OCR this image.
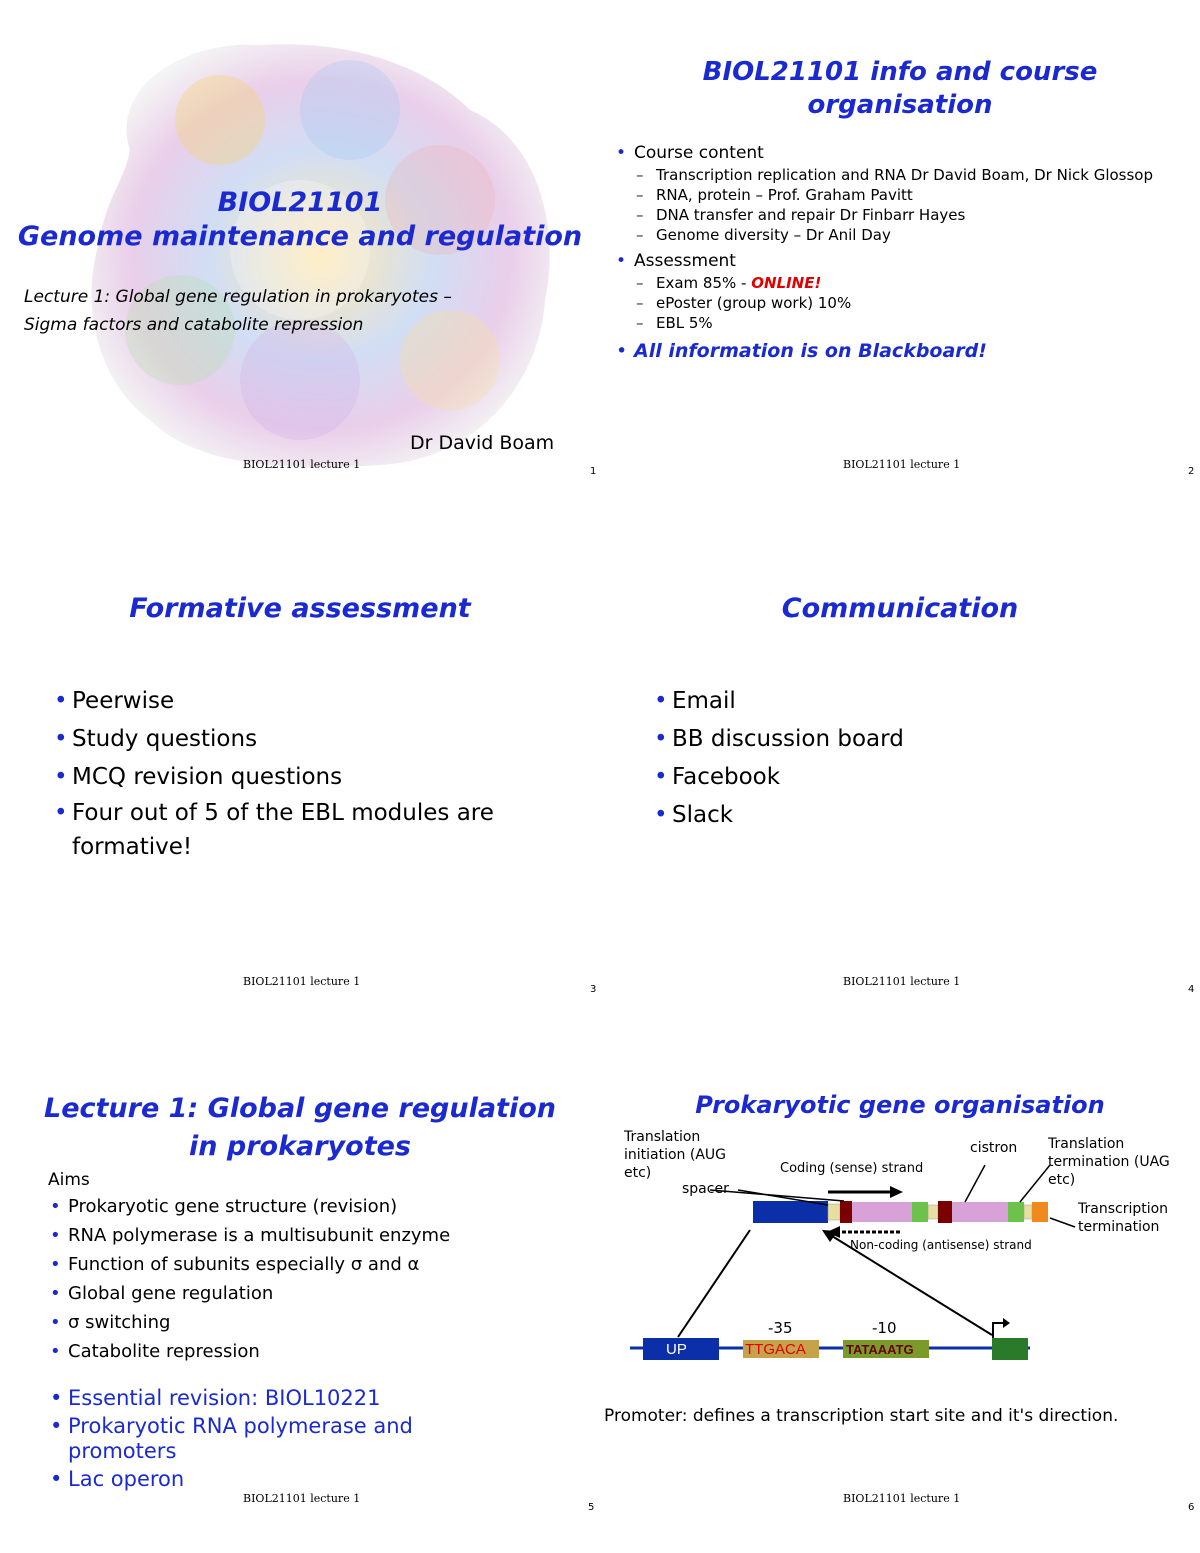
BIOL21101
Genome maintenance and regulation
Lecture 1: Global gene regulation in prokaryotes –
Sigma factors and catabolite repression
Dr David Boam
BIOL21101 lecture 1
1
BIOL21101 info and course
organisation
• Course content
– Transcription replication and RNA Dr David Boam, Dr Nick Glossop
– RNA, protein – Prof. Graham Pavitt
– DNA transfer and repair Dr Finbarr Hayes
– Genome diversity – Dr Anil Day
• Assessment
– Exam 85% - ONLINE!
– ePoster (group work) 10%
– EBL 5%
• All information is on Blackboard!
BIOL21101 lecture 1
2
Formative assessment
• Peerwise
• Study questions
• MCQ revision questions
• Four out of 5 of the EBL modules are formative!
BIOL21101 lecture 1
3
Communication
• Email
• BB discussion board
• Facebook
• Slack
BIOL21101 lecture 1
4
Lecture 1: Global gene regulation
in prokaryotes
Aims
• Prokaryotic gene structure (revision)
• RNA polymerase is a multisubunit enzyme
• Function of subunits especially σ and α
• Global gene regulation
• σ switching
• Catabolite repression
• Essential revision: BIOL10221
• Prokaryotic RNA polymerase and promoters
• Lac operon
BIOL21101 lecture 1
5
Prokaryotic gene organisation
Translation initiation (AUG etc)	Coding (sense) strand
spacer
cistron Translation termination (UAG etc)
Transcription termination
Non-coding (antisense) strand
-35	-10
UP	TTGACA	TATAAATG
Promoter: defines a transcription start site and it's direction.
BIOL21101 lecture 1
6
